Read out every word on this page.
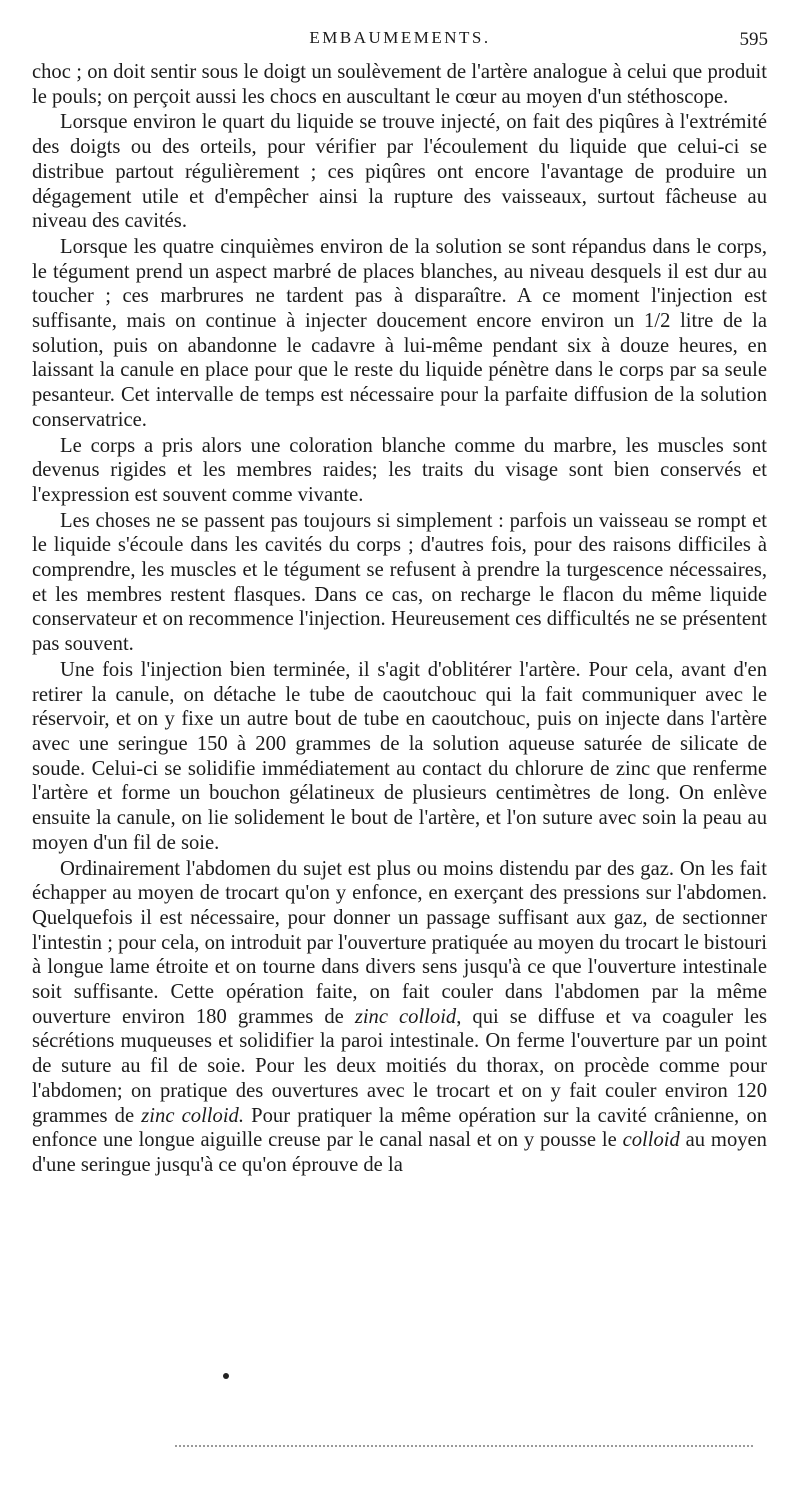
EMBAUMEMENTS.	595

choc ; on doit sentir sous le doigt un soulèvement de l'artère analogue à celui que produit le pouls; on perçoit aussi les chocs en auscultant le cœur au moyen d'un stéthoscope.

Lorsque environ le quart du liquide se trouve injecté, on fait des piqûres à l'extrémité des doigts ou des orteils, pour vérifier par l'écoulement du liquide que celui-ci se distribue partout régulièrement ; ces piqûres ont encore l'avantage de produire un dégagement utile et d'empêcher ainsi la rupture des vaisseaux, surtout fâcheuse au niveau des cavités.

Lorsque les quatre cinquièmes environ de la solution se sont répandus dans le corps, le tégument prend un aspect marbré de places blanches, au niveau desquels il est dur au toucher ; ces marbrures ne tardent pas à disparaître. A ce moment l'injection est suffisante, mais on continue à injecter doucement encore environ un 1/2 litre de la solution, puis on abandonne le cadavre à lui-même pendant six à douze heures, en laissant la canule en place pour que le reste du liquide pénètre dans le corps par sa seule pesanteur. Cet intervalle de temps est nécessaire pour la parfaite diffusion de la solution conservatrice.

Le corps a pris alors une coloration blanche comme du marbre, les muscles sont devenus rigides et les membres raides; les traits du visage sont bien conservés et l'expression est souvent comme vivante.

Les choses ne se passent pas toujours si simplement : parfois un vaisseau se rompt et le liquide s'écoule dans les cavités du corps ; d'autres fois, pour des raisons difficiles à comprendre, les muscles et le tégument se refusent à prendre la turgescence nécessaires, et les membres restent flasques. Dans ce cas, on recharge le flacon du même liquide conservateur et on recommence l'injection. Heureusement ces difficultés ne se présentent pas souvent.

Une fois l'injection bien terminée, il s'agit d'oblitérer l'artère. Pour cela, avant d'en retirer la canule, on détache le tube de caoutchouc qui la fait communiquer avec le réservoir, et on y fixe un autre bout de tube en caoutchouc, puis on injecte dans l'artère avec une seringue 150 à 200 grammes de la solution aqueuse saturée de silicate de soude. Celui-ci se solidifie immédiatement au contact du chlorure de zinc que renferme l'artère et forme un bouchon gélatineux de plusieurs centimètres de long. On enlève ensuite la canule, on lie solidement le bout de l'artère, et l'on suture avec soin la peau au moyen d'un fil de soie.

Ordinairement l'abdomen du sujet est plus ou moins distendu par des gaz. On les fait échapper au moyen de trocart qu'on y enfonce, en exerçant des pressions sur l'abdomen. Quelquefois il est nécessaire, pour donner un passage suffisant aux gaz, de sectionner l'intestin ; pour cela, on introduit par l'ouverture pratiquée au moyen du trocart le bistouri à longue lame étroite et on tourne dans divers sens jusqu'à ce que l'ouverture intestinale soit suffisante. Cette opération faite, on fait couler dans l'abdomen par la même ouverture environ 180 grammes de zinc colloid, qui se diffuse et va coaguler les sécrétions muqueuses et solidifier la paroi intestinale. On ferme l'ouverture par un point de suture au fil de soie. Pour les deux moitiés du thorax, on procède comme pour l'abdomen; on pratique des ouvertures avec le trocart et on y fait couler environ 120 grammes de zinc colloid. Pour pratiquer la même opération sur la cavité crânienne, on enfonce une longue aiguille creuse par le canal nasal et on y pousse le colloid au moyen d'une seringue jusqu'à ce qu'on éprouve de la
